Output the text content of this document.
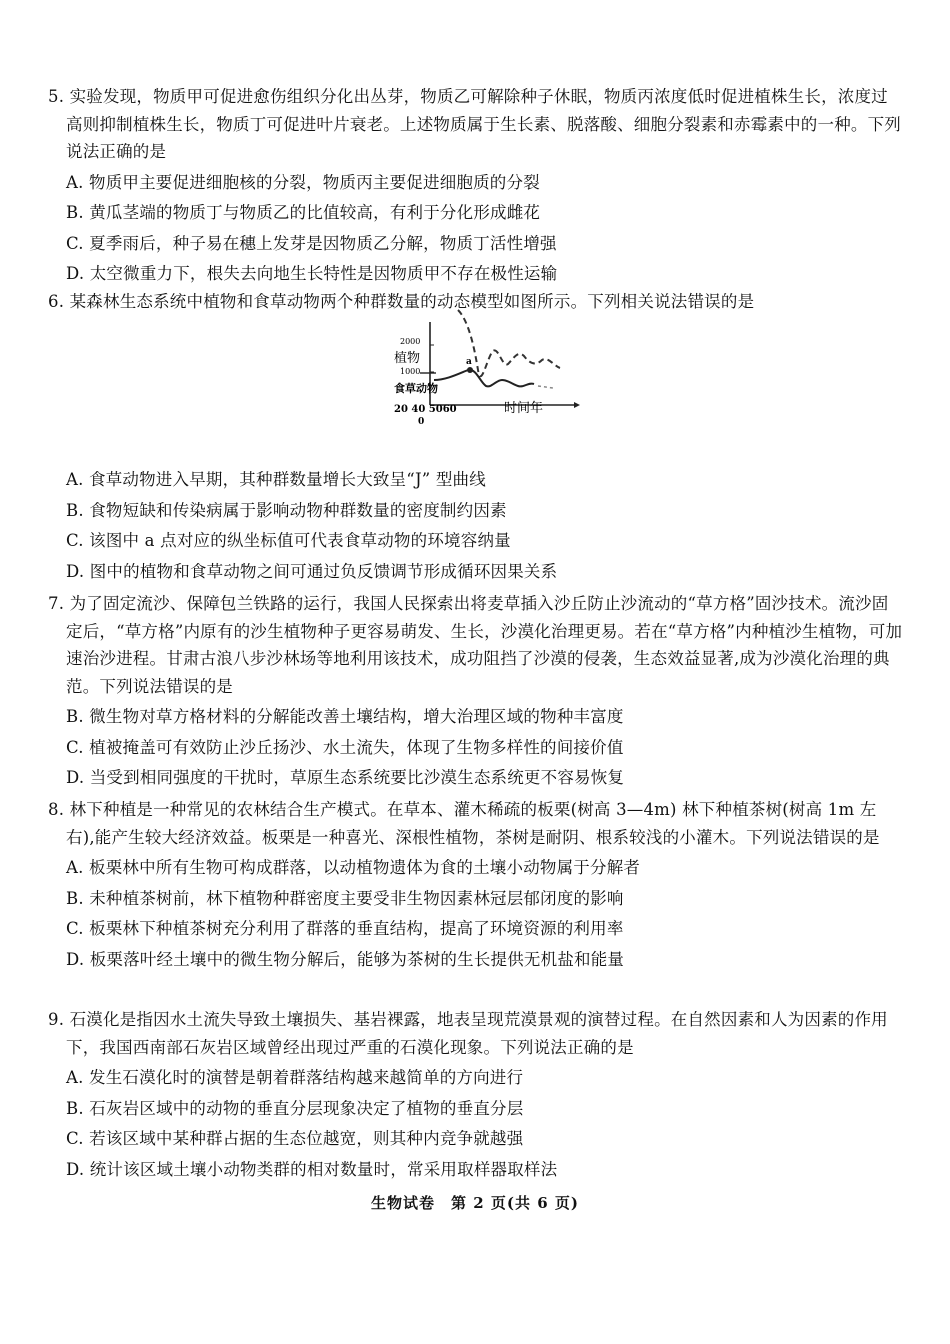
5. 实验发现，物质甲可促进愈伤组织分化出丛芽，物质乙可解除种子休眠，物质丙浓度低时促进植株生长，浓度过高则抑制植株生长，物质丁可促进叶片衰老。上述物质属于生长素、脱落酸、细胞分裂素和赤霉素中的一种。下列说法正确的是
A. 物质甲主要促进细胞核的分裂，物质丙主要促进细胞质的分裂
B. 黄瓜茎端的物质丁与物质乙的比值较高，有利于分化形成雌花
C. 夏季雨后，种子易在穗上发芽是因物质乙分解，物质丁活性增强
D. 太空微重力下，根失去向地生长特性是因物质甲不存在极性运输
6. 某森林生态系统中植物和食草动物两个种群数量的动态模型如图所示。下列相关说法错误的是
2000
植物
1000
a
食草动物
20 40 5060	时间年
0
A. 食草动物进入早期，其种群数量增长大致呈“J” 型曲线
B. 食物短缺和传染病属于影响动物种群数量的密度制约因素
C. 该图中 a 点对应的纵坐标值可代表食草动物的环境容纳量
D. 图中的植物和食草动物之间可通过负反馈调节形成循环因果关系
7. 为了固定流沙、保障包兰铁路的运行，我国人民探索出将麦草插入沙丘防止沙流动的“草方格”固沙技术。流沙固定后，“草方格”内原有的沙生植物种子更容易萌发、生长，沙漠化治理更易。若在“草方格”内种植沙生植物，可加速治沙进程。甘肃古浪八步沙林场等地利用该技术，成功阻挡了沙漠的侵袭，生态效益显著,成为沙漠化治理的典范。下列说法错误的是
B. 微生物对草方格材料的分解能改善土壤结构，增大治理区域的物种丰富度
C. 植被掩盖可有效防止沙丘扬沙、水土流失，体现了生物多样性的间接价值
D. 当受到相同强度的干扰时，草原生态系统要比沙漠生态系统更不容易恢复
8. 林下种植是一种常见的农林结合生产模式。在草本、灌木稀疏的板栗(树高 3—4m) 林下种植茶树(树高 1m 左右),能产生较大经济效益。板栗是一种喜光、深根性植物，茶树是耐阴、根系较浅的小灌木。下列说法错误的是
A. 板栗林中所有生物可构成群落，以动植物遗体为食的土壤小动物属于分解者
B. 未种植茶树前，林下植物种群密度主要受非生物因素林冠层郁闭度的影响
C. 板栗林下种植茶树充分利用了群落的垂直结构，提高了环境资源的利用率
D. 板栗落叶经土壤中的微生物分解后，能够为茶树的生长提供无机盐和能量
9. 石漠化是指因水土流失导致土壤损失、基岩裸露，地表呈现荒漠景观的演替过程。在自然因素和人为因素的作用下，我国西南部石灰岩区域曾经出现过严重的石漠化现象。下列说法正确的是
A. 发生石漠化时的演替是朝着群落结构越来越简单的方向进行
B. 石灰岩区域中的动物的垂直分层现象决定了植物的垂直分层
C. 若该区域中某种群占据的生态位越宽，则其种内竞争就越强
D. 统计该区域土壤小动物类群的相对数量时，常采用取样器取样法
生物试卷　第 2 页(共 6 页)
